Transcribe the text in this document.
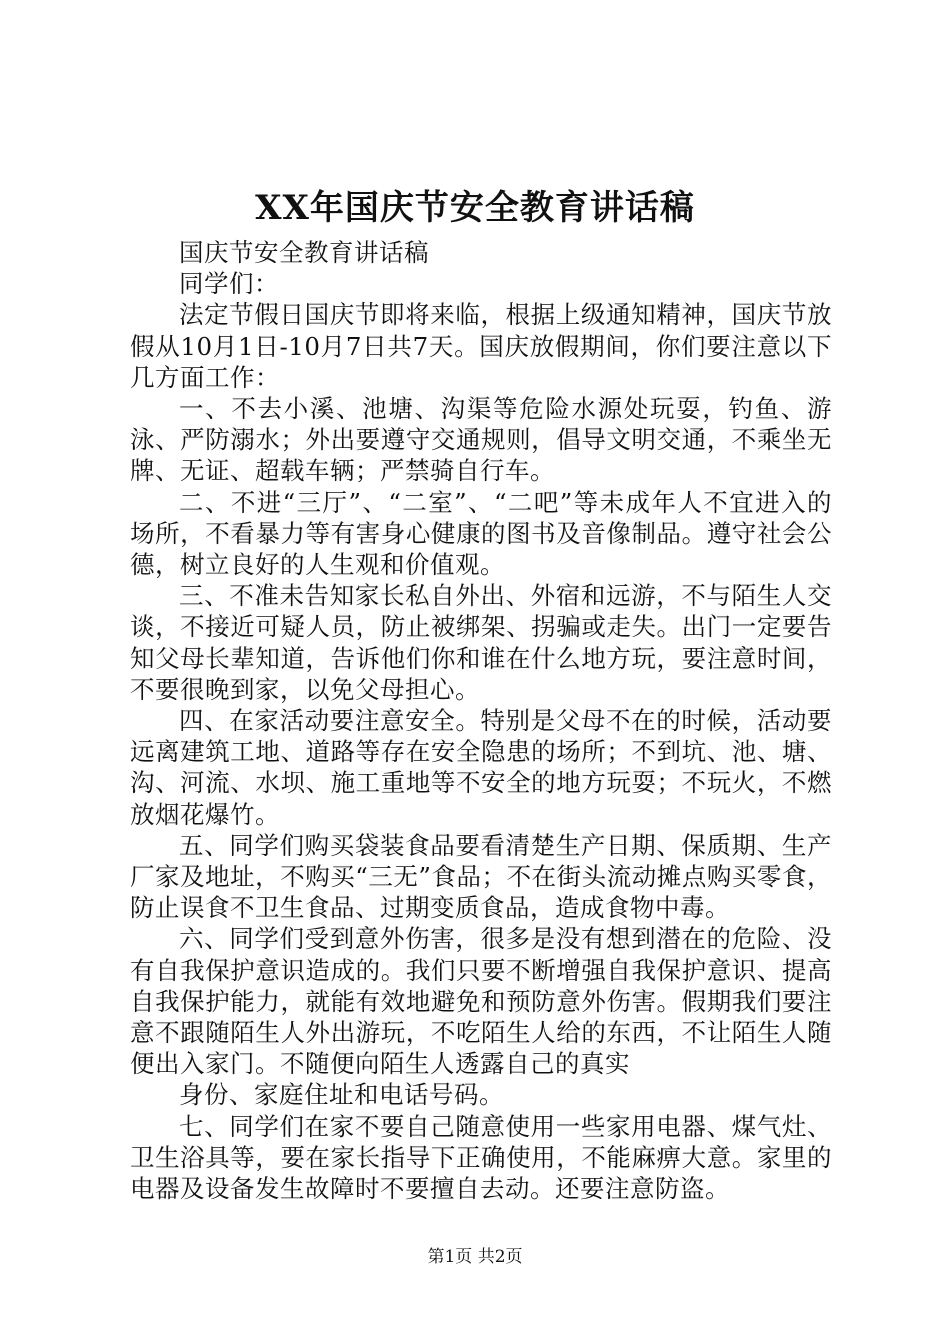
XX年国庆节安全教育讲话稿

国庆节安全教育讲话稿

同学们：

法定节假日国庆节即将来临，根据上级通知精神，国庆节放假从10月1日-10月7日共7天。国庆放假期间，你们要注意以下几方面工作：

一、不去小溪、池塘、沟渠等危险水源处玩耍，钓鱼、游泳、严防溺水；外出要遵守交通规则，倡导文明交通，不乘坐无牌、无证、超载车辆；严禁骑自行车。

二、不进“三厅”、“二室”、“二吧”等未成年人不宜进入的场所，不看暴力等有害身心健康的图书及音像制品。遵守社会公德，树立良好的人生观和价值观。

三、不准未告知家长私自外出、外宿和远游，不与陌生人交谈，不接近可疑人员，防止被绑架、拐骗或走失。出门一定要告知父母长辈知道，告诉他们你和谁在什么地方玩，要注意时间，不要很晚到家，以免父母担心。

四、在家活动要注意安全。特别是父母不在的时候，活动要远离建筑工地、道路等存在安全隐患的场所；不到坑、池、塘、沟、河流、水坝、施工重地等不安全的地方玩耍；不玩火，不燃放烟花爆竹。

五、同学们购买袋装食品要看清楚生产日期、保质期、生产厂家及地址，不购买“三无”食品；不在街头流动摊点购买零食，防止误食不卫生食品、过期变质食品，造成食物中毒。

六、同学们受到意外伤害，很多是没有想到潜在的危险、没有自我保护意识造成的。我们只要不断增强自我保护意识、提高自我保护能力，就能有效地避免和预防意外伤害。假期我们要注意不跟随陌生人外出游玩，不吃陌生人给的东西，不让陌生人随便出入家门。不随便向陌生人透露自己的真实

身份、家庭住址和电话号码。

七、同学们在家不要自己随意使用一些家用电器、煤气灶、卫生浴具等，要在家长指导下正确使用，不能麻痹大意。家里的电器及设备发生故障时不要擅自去动。还要注意防盗。

第1页 共2页
